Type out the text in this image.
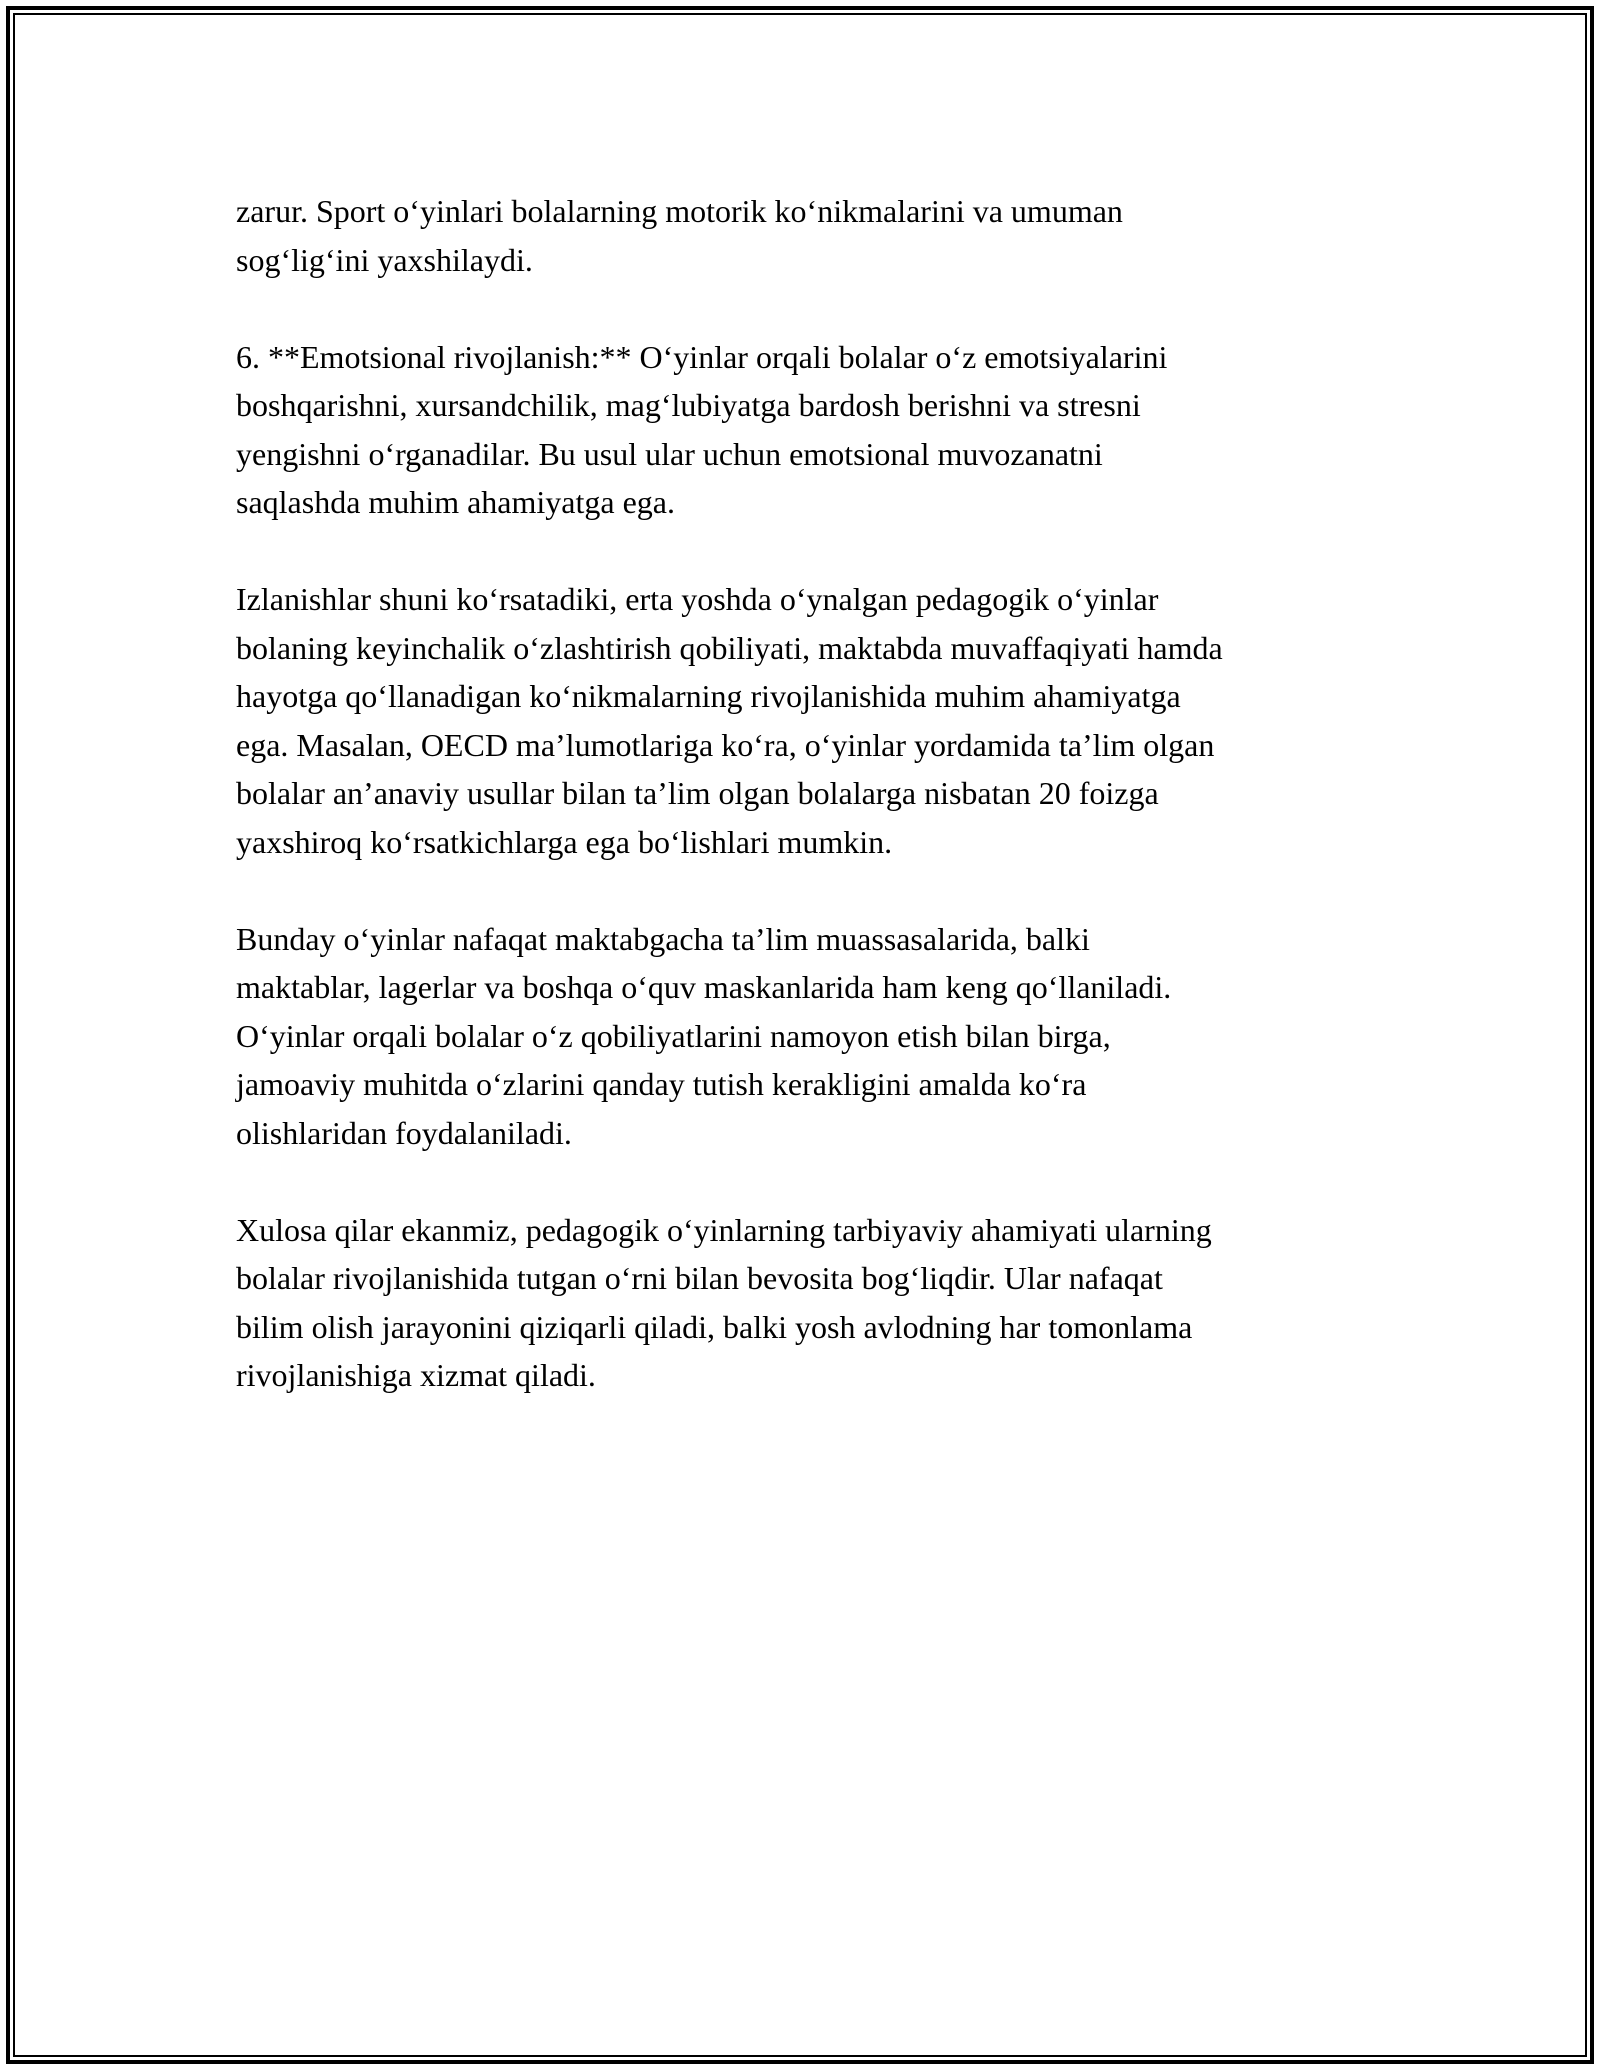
zarur. Sport o‘yinlari bolalarning motorik ko‘nikmalarini va umuman
sog‘lig‘ini yaxshilaydi.
6. **Emotsional rivojlanish:** O‘yinlar orqali bolalar o‘z emotsiyalarini
boshqarishni, xursandchilik, mag‘lubiyatga bardosh berishni va stresni
yengishni o‘rganadilar. Bu usul ular uchun emotsional muvozanatni
saqlashda muhim ahamiyatga ega.
Izlanishlar shuni ko‘rsatadiki, erta yoshda o‘ynalgan pedagogik o‘yinlar
bolaning keyinchalik o‘zlashtirish qobiliyati, maktabda muvaffaqiyati hamda
hayotga qo‘llanadigan ko‘nikmalarning rivojlanishida muhim ahamiyatga
ega. Masalan, OECD ma’lumotlariga ko‘ra, o‘yinlar yordamida ta’lim olgan
bolalar an’anaviy usullar bilan ta’lim olgan bolalarga nisbatan 20 foizga
yaxshiroq ko‘rsatkichlarga ega bo‘lishlari mumkin.
Bunday o‘yinlar nafaqat maktabgacha ta’lim muassasalarida, balki
maktablar, lagerlar va boshqa o‘quv maskanlarida ham keng qo‘llaniladi.
O‘yinlar orqali bolalar o‘z qobiliyatlarini namoyon etish bilan birga,
jamoaviy muhitda o‘zlarini qanday tutish kerakligini amalda ko‘ra
olishlaridan foydalaniladi.
Xulosa qilar ekanmiz, pedagogik o‘yinlarning tarbiyaviy ahamiyati ularning
bolalar rivojlanishida tutgan o‘rni bilan bevosita bog‘liqdir. Ular nafaqat
bilim olish jarayonini qiziqarli qiladi, balki yosh avlodning har tomonlama
rivojlanishiga xizmat qiladi.
